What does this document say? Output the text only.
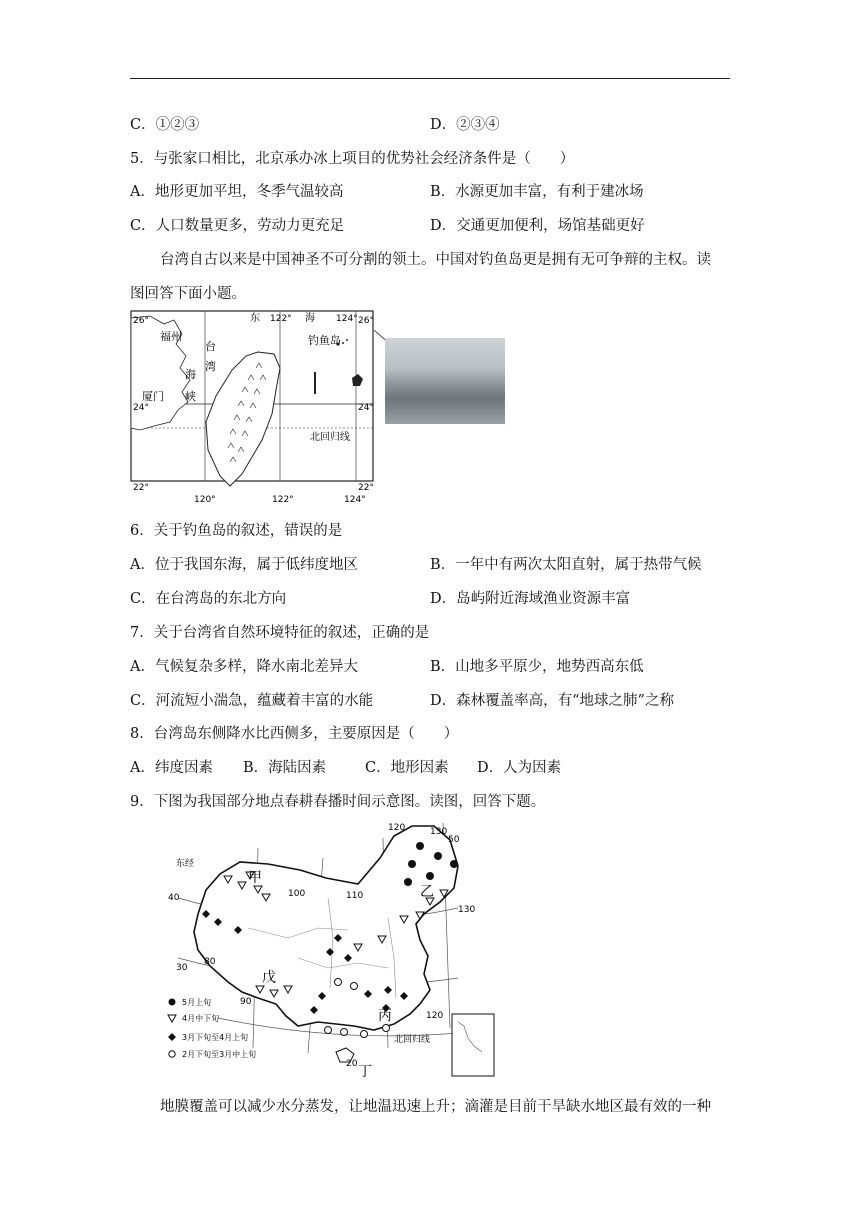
C．①②③	D．②③④
5．与张家口相比，北京承办冰上项目的优势社会经济条件是（　　）
A．地形更加平坦，冬季气温较高	B．水源更加丰富，有利于建冰场
C．人口数量更多，劳动力更充足	D．交通更加便利，场馆基础更好
台湾自古以来是中国神圣不可分割的领土。中国对钓鱼岛更是拥有无可争辩的主权。读
图回答下面小题。
福州
台
湾
海
峡
厦门
东	海
钓鱼岛
北回归线
26°	26°
24°	24°
22°	22°
122°	124°
120°	122°	124°
6．关于钓鱼岛的叙述，错误的是
A．位于我国东海，属于低纬度地区	B．一年中有两次太阳直射，属于热带气候
C．在台湾岛的东北方向	D．岛屿附近海域渔业资源丰富
7．关于台湾省自然环境特征的叙述，正确的是
A．气候复杂多样，降水南北差异大	B．山地多平原少，地势西高东低
C．河流短小湍急，蕴藏着丰富的水能	D．森林覆盖率高，有“地球之肺”之称
8．台湾岛东侧降水比西侧多，主要原因是（　　）
A．纬度因素 B．海陆因素	C．地形因素 D．人为因素
9．下图为我国部分地点春耕春播时间示意图。读图，回答下题。
甲
乙
丙
丁
戊
北回归线
120	130
50
40
130
30
20
80
90
100	110
东经
120
5月上旬
4月中下旬
3月下旬至4月上旬
2月下旬至3月中上旬
地膜覆盖可以减少水分蒸发，让地温迅速上升；滴灌是目前干旱缺水地区最有效的一种
